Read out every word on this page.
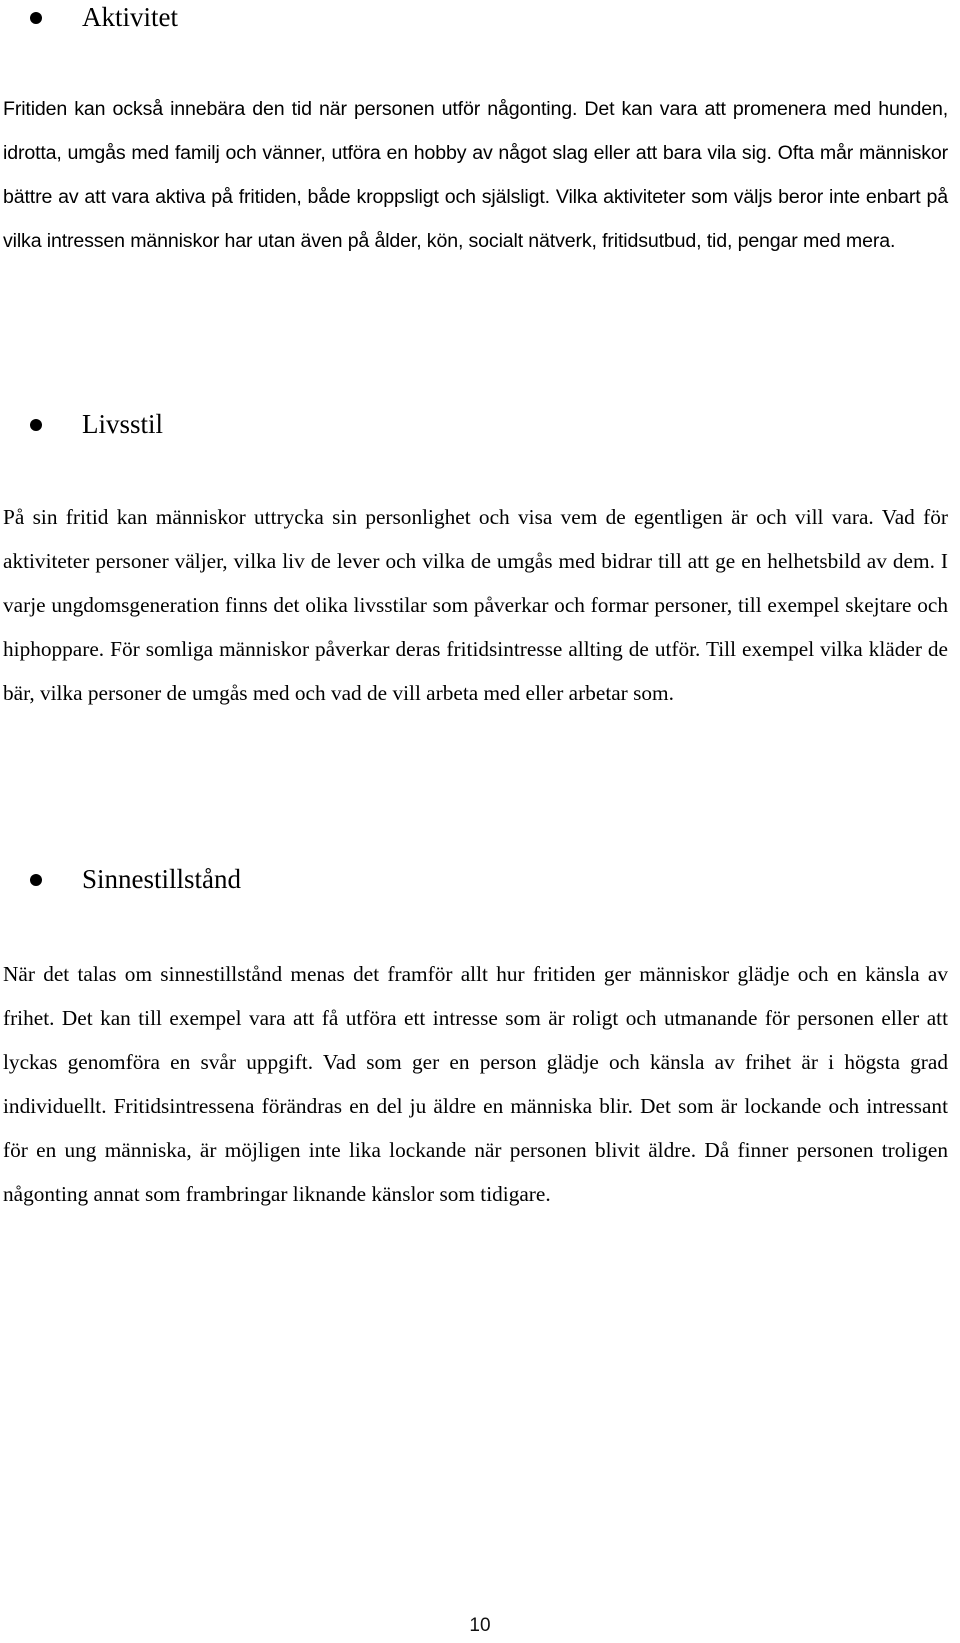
Aktivitet

Fritiden kan också innebära den tid när personen utför någonting. Det kan vara att promenera med hunden, idrotta, umgås med familj och vänner, utföra en hobby av något slag eller att bara vila sig. Ofta mår människor bättre av att vara aktiva på fritiden, både kroppsligt och själsligt. Vilka aktiviteter som väljs beror inte enbart på vilka intressen människor har utan även på ålder, kön, socialt nätverk, fritidsutbud, tid, pengar med mera.

Livsstil

På sin fritid kan människor uttrycka sin personlighet och visa vem de egentligen är och vill vara. Vad för aktiviteter personer väljer, vilka liv de lever och vilka de umgås med bidrar till att ge en helhetsbild av dem. I varje ungdomsgeneration finns det olika livsstilar som påverkar och formar personer, till exempel skejtare och hiphoppare. För somliga människor påverkar deras fritidsintresse allting de utför. Till exempel vilka kläder de bär, vilka personer de umgås med och vad de vill arbeta med eller arbetar som.

Sinnestillstånd

När det talas om sinnestillstånd menas det framför allt hur fritiden ger människor glädje och en känsla av frihet. Det kan till exempel vara att få utföra ett intresse som är roligt och utmanande för personen eller att lyckas genomföra en svår uppgift. Vad som ger en person glädje och känsla av frihet är i högsta grad individuellt. Fritidsintressena förändras en del ju äldre en människa blir. Det som är lockande och intressant för en ung människa, är möjligen inte lika lockande när personen blivit äldre. Då finner personen troligen någonting annat som frambringar liknande känslor som tidigare.

10
